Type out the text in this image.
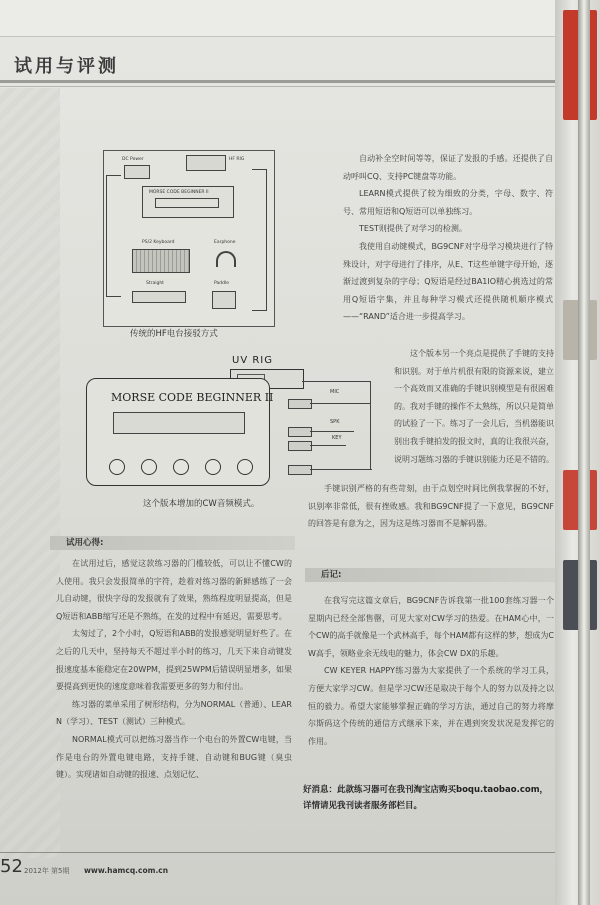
试用与评测
DC Power	HF RIG
MORSE CODE BEGINNER II
PS/2 Keyboard	Earphone
Straight	Paddle
传统的HF电台接驳方式
UV RIG
MORSE CODE BEGINNER II	MIC
SPK
KEY
这个版本增加的CW音频模式。
试用心得:

在试用过后，感觉这款练习器的门槛较低，可以让不懂CW的人使用。我只会发报简单的字符，趁着对练习器的新鲜感练了一会儿自动键，很快字母的发报就有了效果，熟练程度明显提高，但是Q短语和ABB缩写还是不熟练，在发的过程中有延迟，需要思考。

太匆过了，2个小时，Q短语和ABB的发报感觉明显好些了。在之后的几天中，坚持每天不超过半小时的练习，几天下来自动键发报速度基本能稳定在20WPM，提到25WPM后错误明显增多，如果要提高到更快的速度意味着我需要更多的努力和付出。

练习器的菜单采用了树形结构，分为NORMAL（普通）、LEARN（学习）、TEST（测试）三种模式。

NORMAL模式可以把练习器当作一个电台的外置CW电键，当作是电台的外置电键电路，支持手键、自动键和BUG键（臭虫键）。实现诸如自动键的报速、点划记忆、

自动补全空时间等等，保证了发报的手感。还提供了自动呼叫CQ、支持PC键盘等功能。

LEARN模式提供了较为细致的分类，字母、数字、符号、常用短语和Q短语可以单独练习。

TEST则提供了对学习的检测。

我使用自动键模式，BG9CNF对字母学习模块进行了特殊设计，对字母进行了排序，从E、T这些单键字母开始，逐渐过渡到复杂的字母；Q短语是经过BA1IO精心挑选过的常用Q短语字集，并且每种学习模式还提供随机顺序模式——“RAND”适合进一步提高学习。

这个版本另一个亮点是提供了手键的支持和识别。对于单片机很有限的资源来说，建立一个高效而又准确的手键识别模型是有很困难的。我对手键的操作不太熟练，所以只是简单的试验了一下。练习了一会儿后，当机器能识别出我手键拍发的报文时，真的让我很兴奋，说明习题练习器的手键识别能力还是不错的。

手键识别严格的有些苛刻，由于点划空时间比例我掌握的不好，识别率非常低，很有挫败感。我和BG9CNF提了一下意见，BG9CNF的回答是有意为之，因为这是练习器而不是解码器。

后记:

在我写完这篇文章后，BG9CNF告诉我第一批100套练习器一个星期内已经全部售罄，可见大家对CW学习的热爱。在HAM心中，一个CW的高手就像是一个武林高手，每个HAM都有这样的梦，想成为CW高手，领略业余无线电的魅力，体会CW DX的乐趣。

CW KEYER HAPPY练习器为大家提供了一个系统的学习工具，方便大家学习CW。但是学习CW还是取决于每个人的努力以及持之以恒的毅力。希望大家能够掌握正确的学习方法，通过自己的努力将摩尔斯码这个传统的通信方式继承下来，并在遇到突发状况是发挥它的作用。

好消息：此款练习器可在我刊淘宝店购买boqu.taobao.com，详情请见我刊读者服务部栏目。
52 2012年 第5期 www.hamcq.com.cn
